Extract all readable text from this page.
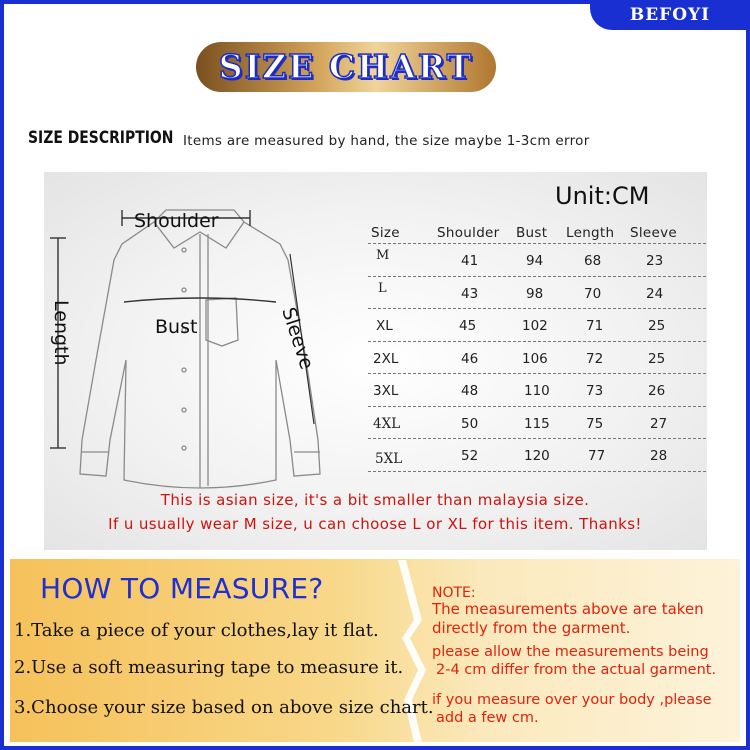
BEFOYI
SIZE CHART
SIZE DESCRIPTION Items are measured by hand, the size maybe 1-3cm error
Shoulder
Bust
Length	Sleeve
Unit:CM
Size	Shoulder Bust Length Sleeve
M	41	94	68	23
L	43	98	70	24
XL	45	102	71	25
2XL	46	106	72	25
3XL	48	110	73	26
4XL	50	115	75	27
5XL	52	120	77	28
This is asian size, it's a bit smaller than malaysia size.
If u usually wear M size, u can choose L or XL for this item. Thanks!
HOW TO MEASURE?
1.Take a piece of your clothes,lay it flat.
2.Use a soft measuring tape to measure it.
3.Choose your size based on above size chart.
NOTE:
The measurements above are taken
directly from the garment.
please allow the measurements being
2-4 cm differ from the actual garment.
if you measure over your body ,please
add a few cm.
